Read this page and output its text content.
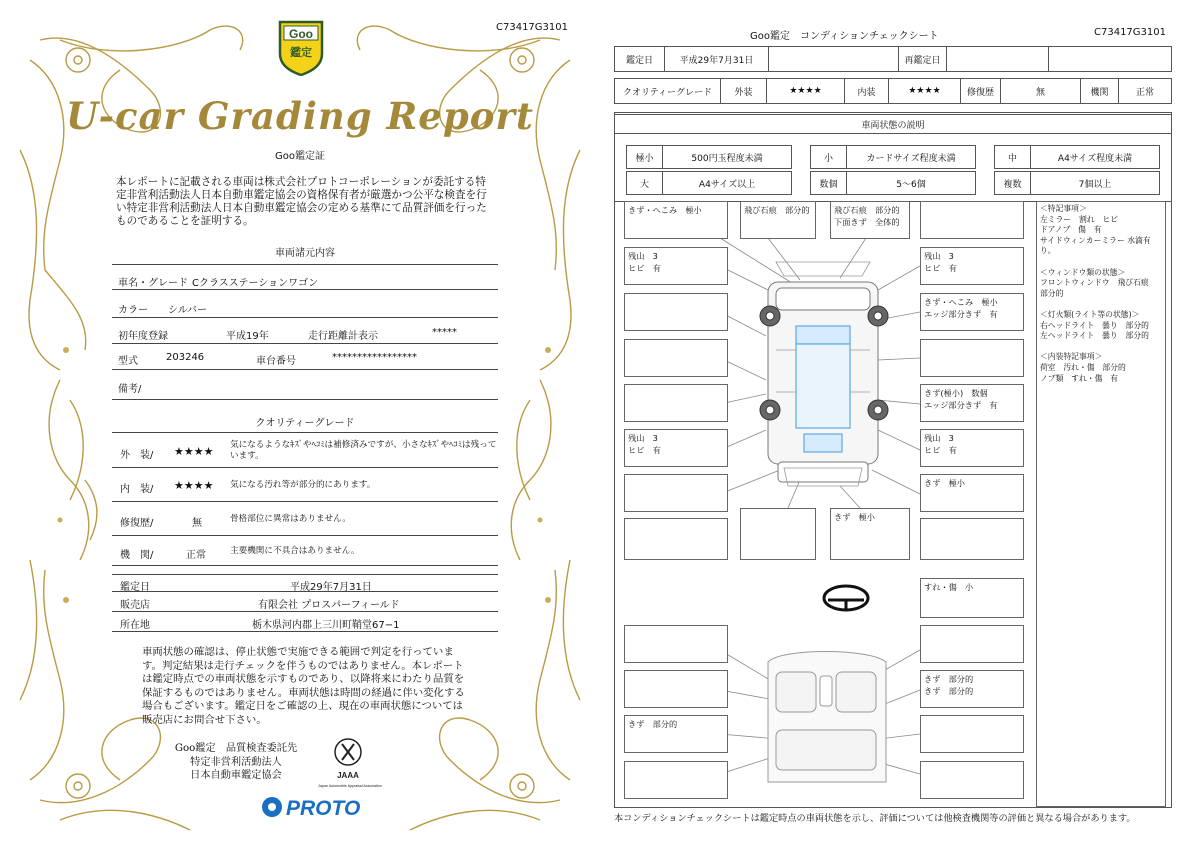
C73417G3101
Goo
鑑定
U-car Grading Report
Goo鑑定証
本レポートに記載される車両は株式会社プロトコーポレーションが委託する特定非営利活動法人日本自動車鑑定協会の資格保有者が厳選かつ公平な検査を行い特定非営利活動法人日本自動車鑑定協会の定める基準にて品質評価を行ったものであることを証明する。
車両諸元内容
車名・グレード Cクラスステーションワゴン
カラー シルバー
初年度登録	平成19年	走行距離計表示	*****
型式	203246	車台番号	*****************
備考/
クオリティーグレード
外　装/ ★★★★ 気になるようなｷｽﾞやﾍｺﾐは補修済みですが、小さなｷｽﾞやﾍｺﾐは残っています。
内　装/ ★★★★ 気になる汚れ等が部分的にあります。
修復歴/	無	骨格部位に異常はありません。
機　関/	正常	主要機関に不具合はありません。
鑑定日	平成29年7月31日
販売店	有限会社 プロスパーフィールド
所在地	栃木県河内郡上三川町鞘堂67−1
車両状態の確認は、停止状態で実施できる範囲で判定を行っています。判定結果は走行チェックを伴うものではありません。本レポートは鑑定時点での車両状態を示すものであり、以降将来にわたり品質を保証するものではありません。車両状態は時間の経過に伴い変化する場合もございます。鑑定日をご確認の上、現在の車両状態については販売店にお問合せ下さい。
Goo鑑定　品質検査委託先
特定非営利活動法人
日本自動車鑑定協会	JAAA
Japan Automobile Appraisal Association
PROTO
Goo鑑定　コンディションチェックシート	C73417G3101
鑑定日	平成29年7月31日	再鑑定日
クオリティーグレード	外装	★★★★	内装	★★★★	修復歴	無	機関	正常
車両状態の説明
極小	500円玉程度未満	小	カードサイズ程度未満	中	A4サイズ程度未満
大	A4サイズ以上	数個	5～6個	複数	7個以上
きず・へこみ　極小	飛び石痕　部分的	飛び石痕　部分的
下面きず　全体的
残山　3
ヒビ　有
残山　3
ヒビ　有
きず・へこみ　極小
エッジ部分きず　有
きず(極小)　数個
エッジ部分きず　有
残山　3
ヒビ　有
残山　3
ヒビ　有
きず　極小
きず　極小
すれ・傷　小
きず　部分的
きず　部分的
きず　部分的
＜特記事項＞
左ミラー　割れ　ヒビ
ドアノブ　傷　有
サイドウィンカーミラー 水滴有り。

＜ウィンドウ類の状態＞
フロントウィンドウ　飛び石痕　部分的

＜灯火類(ライト等の状態)＞
右ヘッドライト　曇り　部分的
左ヘッドライト　曇り　部分的

＜内装特記事項＞
荷室　汚れ・傷　部分的
ノブ類　すれ・傷　有
本コンディションチェックシートは鑑定時点の車両状態を示し、評価については他検査機関等の評価と異なる場合があります。
